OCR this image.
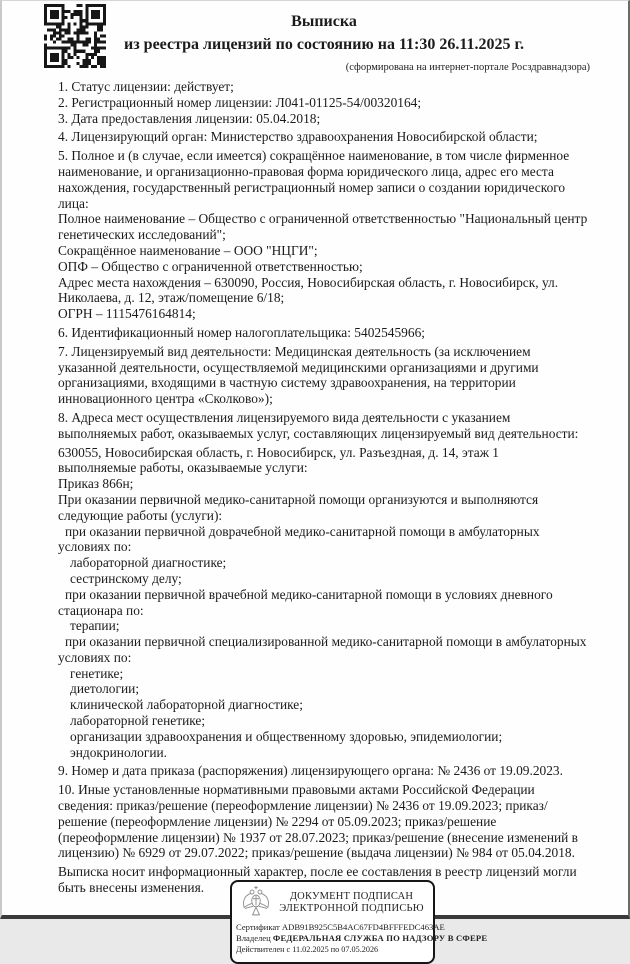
Выписка

из реестра лицензий по состоянию на 11:30 26.11.2025 г.

(сформирована на интернет-портале Росздравнадзора)

1. Статус лицензии: действует;

2. Регистрационный номер лицензии: Л041-01125-54/00320164;

3. Дата предоставления лицензии: 05.04.2018;

4. Лицензирующий орган: Министерство здравоохранения Новосибирской области;

5. Полное и (в случае, если имеется) сокращённое наименование, в том числе фирменное наименование, и организационно-правовая форма юридического лица, адрес его места нахождения, государственный регистрационный номер записи о создании юридического лица:

Полное наименование – Общество с ограниченной ответственностью "Национальный центр генетических исследований";

Сокращённое наименование – ООО "НЦГИ";

ОПФ – Общество с ограниченной ответственностью;

Адрес места нахождения – 630090, Россия, Новосибирская область, г. Новосибирск, ул. Николаева, д. 12, этаж/помещение 6/18;

ОГРН – 1115476164814;

6. Идентификационный номер налогоплательщика: 5402545966;

7. Лицензируемый вид деятельности: Медицинская деятельность (за исключением указанной деятельности, осуществляемой медицинскими организациями и другими организациями, входящими в частную систему здравоохранения, на территории инновационного центра «Сколково»);

8. Адреса мест осуществления лицензируемого вида деятельности с указанием выполняемых работ, оказываемых услуг, составляющих лицензируемый вид деятельности:

630055, Новосибирская область, г. Новосибирск, ул. Разъездная, д. 14, этаж 1

выполняемые работы, оказываемые услуги:

Приказ 866н;

При оказании первичной медико-санитарной помощи организуются и выполняются следующие работы (услуги):

при оказании первичной доврачебной медико-санитарной помощи в амбулаторных условиях по:

лабораторной диагностике;

сестринскому делу;

при оказании первичной врачебной медико-санитарной помощи в условиях дневного стационара по:

терапии;

при оказании первичной специализированной медико-санитарной помощи в амбулаторных условиях по:

генетике;

диетологии;

клинической лабораторной диагностике;

лабораторной генетике;

организации здравоохранения и общественному здоровью, эпидемиологии;

эндокринологии.

9. Номер и дата приказа (распоряжения) лицензирующего органа: № 2436 от 19.09.2023.

10. Иные установленные нормативными правовыми актами Российской Федерации сведения: приказ/решение (переоформление лицензии) № 2436 от 19.09.2023; приказ/решение (переоформление лицензии) № 2294 от 05.09.2023; приказ/решение (переоформление лицензии) № 1937 от 28.07.2023; приказ/решение (внесение изменений в лицензию) № 6929 от 29.07.2022; приказ/решение (выдача лицензии) № 984 от 05.04.2018.

Выписка носит информационный характер, после ее составления в реестр лицензий могли быть внесены изменения.

ДОКУМЕНТ ПОДПИСАН
ЭЛЕКТРОННОЙ ПОДПИСЬЮ
Сертификат ADB91B925C5B4AC67FD4BFFFEDC463AE
Владелец ФЕДЕРАЛЬНАЯ СЛУЖБА ПО НАДЗОРУ В СФЕРЕ
Действителен с 11.02.2025 по 07.05.2026
